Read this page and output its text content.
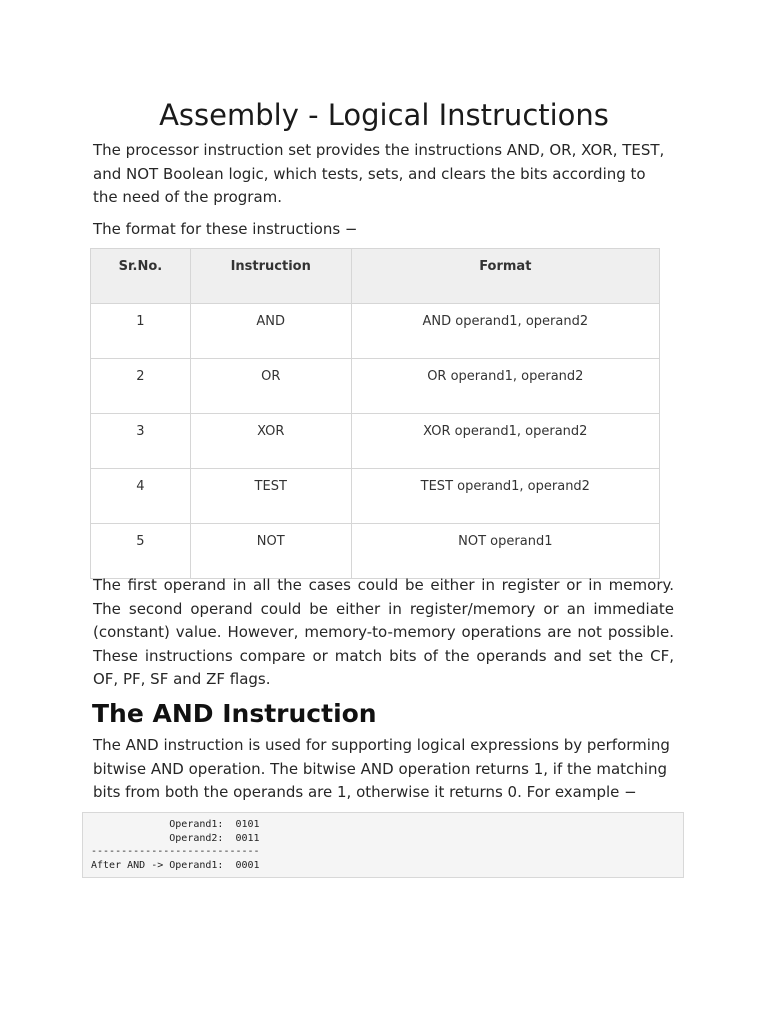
Assembly - Logical Instructions

The processor instruction set provides the instructions AND, OR, XOR, TEST, and NOT Boolean logic, which tests, sets, and clears the bits according to the need of the program.

The format for these instructions −

Sr.No.	Instruction	Format
1	AND	AND operand1, operand2
2	OR	OR operand1, operand2
3	XOR	XOR operand1, operand2
4	TEST	TEST operand1, operand2
5	NOT	NOT operand1

The first operand in all the cases could be either in register or in memory. The second operand could be either in register/memory or an immediate (constant) value. However, memory-to-memory operations are not possible. These instructions compare or match bits of the operands and set the CF, OF, PF, SF and ZF flags.

The AND Instruction

The AND instruction is used for supporting logical expressions by performing bitwise AND operation. The bitwise AND operation returns 1, if the matching bits from both the operands are 1, otherwise it returns 0. For example −

Operand1:	0101
Operand2:	0011
----------------------------
After AND -> Operand1:	0001
